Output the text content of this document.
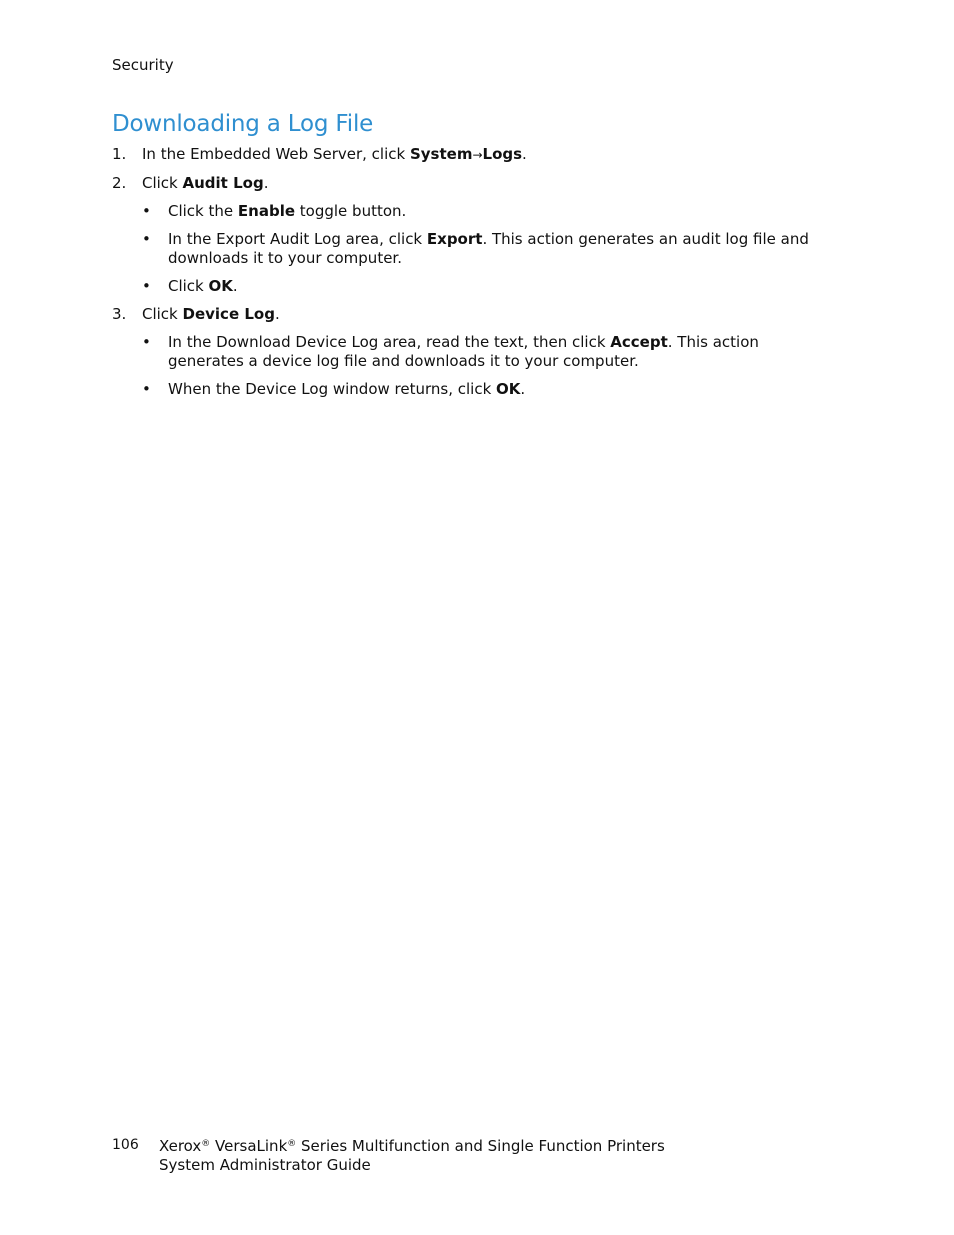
Security
Downloading a Log File
1. In the Embedded Web Server, click System→Logs.
2. Click Audit Log.
• Click the Enable toggle button.
• In the Export Audit Log area, click Export. This action generates an audit log file and downloads it to your computer.
• Click OK.
3. Click Device Log.
• In the Download Device Log area, read the text, then click Accept. This action generates a device log file and downloads it to your computer.
• When the Device Log window returns, click OK.
106 Xerox® VersaLink® Series Multifunction and Single Function Printers
System Administrator Guide
